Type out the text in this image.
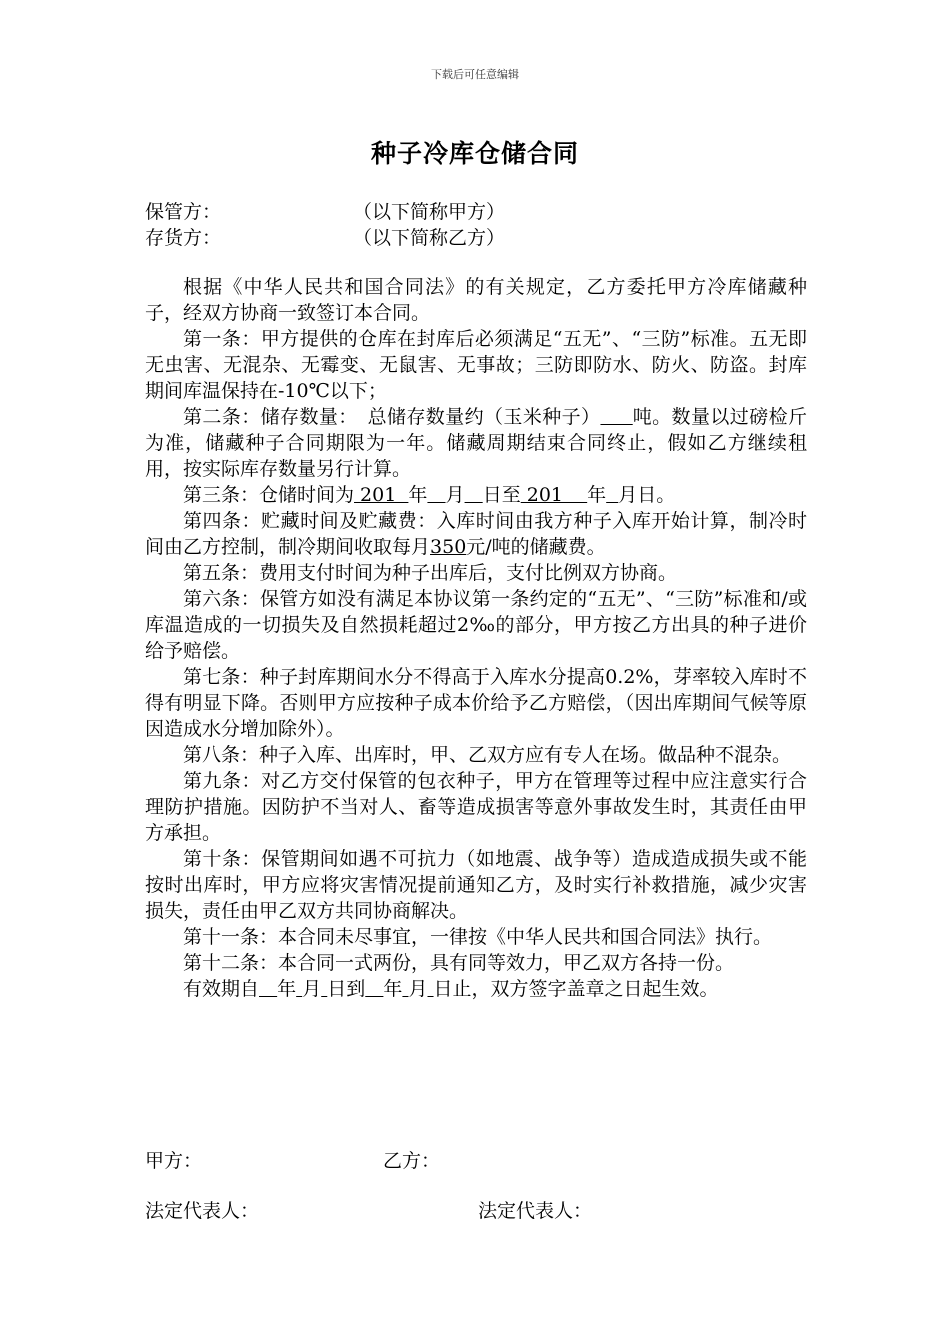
下载后可任意编辑
种子冷库仓储合同
保管方：	（以下简称甲方）
存货方：	（以下简称乙方）

根据《中华人民共和国合同法》的有关规定，乙方委托甲方冷库储藏种子，经双方协商一致签订本合同。

第一条：甲方提供的仓库在封库后必须满足“五无”、“三防”标准。五无即无虫害、无混杂、无霉变、无鼠害、无事故；三防即防水、防火、防盗。封库期间库温保持在-10℃以下；

第二条：储存数量：　总储存数量约（玉米种子） 吨。数量以过磅检斤为准，储藏种子合同期限为一年。储藏周期结束合同终止，假如乙方继续租用，按实际库存数量另行计算。

第三条：仓储时间为 201  年 月 日至 201    年 月日。

第四条：贮藏时间及贮藏费：入库时间由我方种子入库开始计算，制冷时间由乙方控制，制冷期间收取每月350元/吨的储藏费。

第五条：费用支付时间为种子出库后，支付比例双方协商。

第六条：保管方如没有满足本协议第一条约定的“五无”、“三防”标准和/或库温造成的一切损失及自然损耗超过2‰的部分，甲方按乙方出具的种子进价给予赔偿。

第七条：种子封库期间水分不得高于入库水分提高0.2%，芽率较入库时不得有明显下降。否则甲方应按种子成本价给予乙方赔偿，（因出库期间气候等原因造成水分增加除外）。

第八条：种子入库、出库时，甲、乙双方应有专人在场。做品种不混杂。

第九条：对乙方交付保管的包衣种子，甲方在管理等过程中应注意实行合理防护措施。因防护不当对人、畜等造成损害等意外事故发生时，其责任由甲方承担。

第十条：保管期间如遇不可抗力（如地震、战争等）造成造成损失或不能按时出库时，甲方应将灾害情况提前通知乙方，及时实行补救措施，减少灾害损失，责任由甲乙双方共同协商解决。

第十一条：本合同未尽事宜，一律按《中华人民共和国合同法》执行。

第十二条：本合同一式两份，具有同等效力，甲乙双方各持一份。

有效期自 年 月 日到 年 月 日止，双方签字盖章之日起生效。

甲方：	乙方：
法定代表人：	法定代表人：
